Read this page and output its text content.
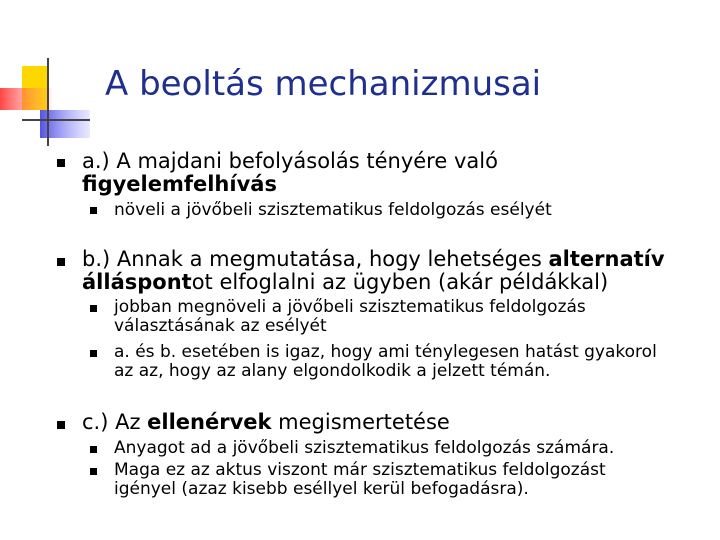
A beoltás mechanizmusai
a.) A majdani befolyásolás tényére való
figyelemfelhívás
növeli a jövőbeli szisztematikus feldolgozás esélyét
b.) Annak a megmutatása, hogy lehetséges alternatív
álláspontot elfoglalni az ügyben (akár példákkal)
jobban megnöveli a jövőbeli szisztematikus feldolgozás
választásának az esélyét
a. és b. esetében is igaz, hogy ami ténylegesen hatást gyakorol
az az, hogy az alany elgondolkodik a jelzett témán.
c.) Az ellenérvek megismertetése
Anyagot ad a jövőbeli szisztematikus feldolgozás számára.
Maga ez az aktus viszont már szisztematikus feldolgozást
igényel (azaz kisebb eséllyel kerül befogadásra).
